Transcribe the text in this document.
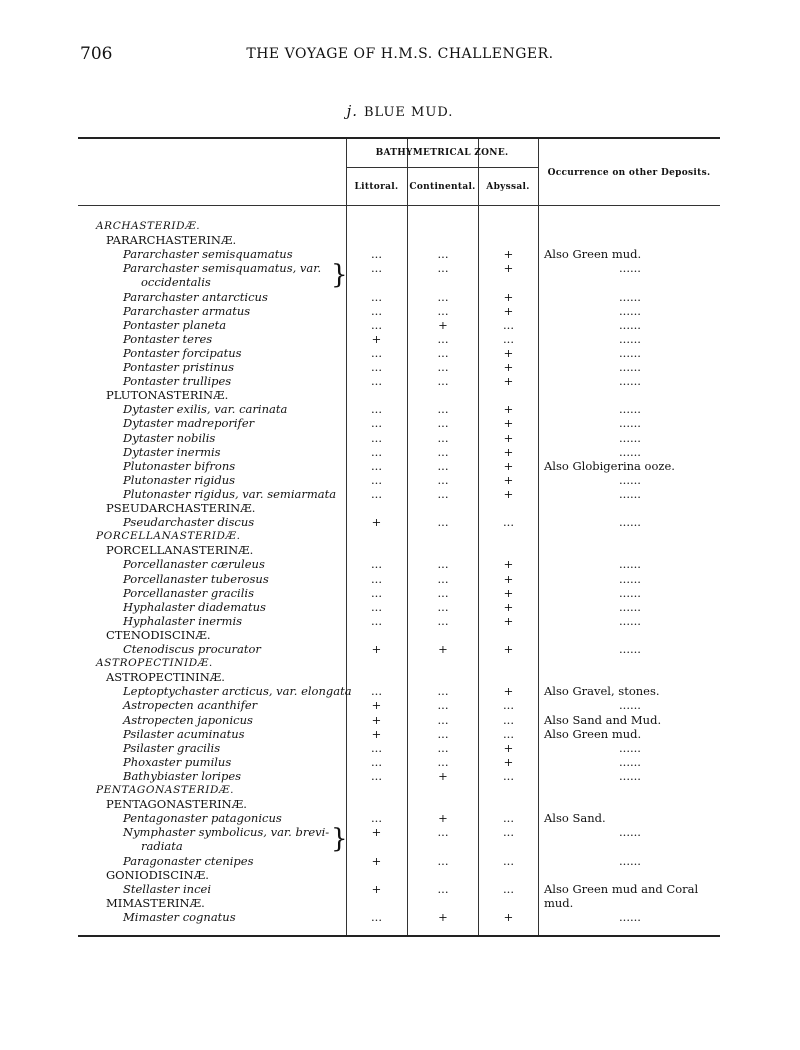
706	THE VOYAGE OF H.M.S. CHALLENGER.
j. BLUE MUD.
BATHYMETRICAL ZONE.
Littoral.	Continental.	Abyssal.
Occurrence on other Deposits.
ARCHASTERIDÆ.
PARARCHASTERINÆ.
Pararchaster semisquamatus	...	...	+	Also Green mud.
Pararchaster semisquamatus, var.	...	...	+	......
}
occidentalis
Pararchaster antarcticus	...	...	+	......
Pararchaster armatus	...	...	+	......
Pontaster planeta	...	+	...	......
Pontaster teres	+	...	...	......
Pontaster forcipatus	...	...	+	......
Pontaster pristinus	...	...	+	......
Pontaster trullipes	...	...	+	......
PLUTONASTERINÆ.
Dytaster exilis, var. carinata	...	...	+	......
Dytaster madreporifer	...	...	+	......
Dytaster nobilis	...	...	+	......
Dytaster inermis	...	...	+	......
Plutonaster bifrons	...	...	+	Also Globigerina ooze.
Plutonaster rigidus	...	...	+	......
Plutonaster rigidus, var. semiarmata	...	...	+	......
PSEUDARCHASTERINÆ.
Pseudarchaster discus	+	...	...	......
PORCELLANASTERIDÆ.
PORCELLANASTERINÆ.
Porcellanaster cæruleus	...	...	+	......
Porcellanaster tuberosus	...	...	+	......
Porcellanaster gracilis	...	...	+	......
Hyphalaster diadematus	...	...	+	......
Hyphalaster inermis	...	...	+	......
CTENODISCINÆ.
Ctenodiscus procurator	+	+	+	......
ASTROPECTINIDÆ.
ASTROPECTININÆ.
Leptoptychaster arcticus, var. elongata	...	...	+	Also Gravel, stones.
Astropecten acanthifer	+	...	...	......
Astropecten japonicus	+	...	...	Also Sand and Mud.
Psilaster acuminatus	+	...	...	Also Green mud.
Psilaster gracilis	...	...	+	......
Phoxaster pumilus	...	...	+	......
Bathybiaster loripes	...	+	...	......
PENTAGONASTERIDÆ.
PENTAGONASTERINÆ.
Pentagonaster patagonicus	...	+	...	Also Sand.
Nymphaster symbolicus, var. brevi-	+	...	...	......
}
radiata
Paragonaster ctenipes	+	...	...	......
GONIODISCINÆ.
Stellaster incei	+	...	...	Also Green mud and Coral mud.
MIMASTERINÆ.
Mimaster cognatus	...	+	+	......
